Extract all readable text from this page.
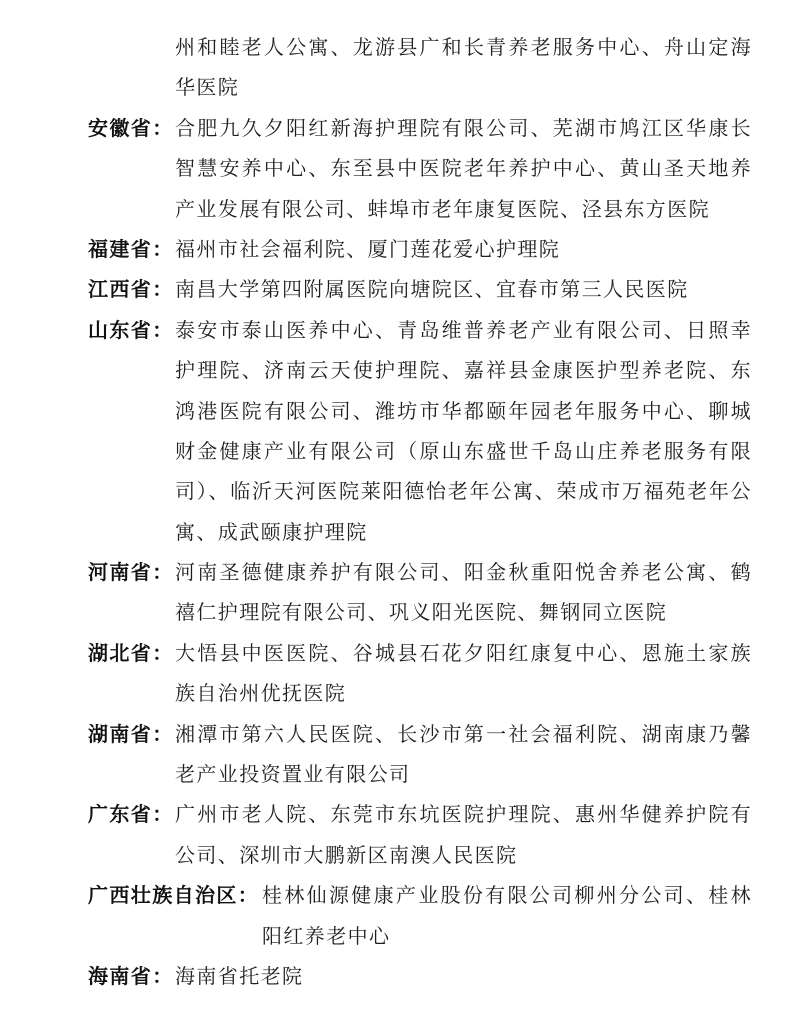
州和睦老人公寓、龙游县广和长青养老服务中心、舟山定海
华医院
安徽省： 合肥九久夕阳红新海护理院有限公司、芜湖市鸠江区华康长
智慧安养中心、东至县中医院老年养护中心、黄山圣天地养
产业发展有限公司、蚌埠市老年康复医院、泾县东方医院
福建省： 福州市社会福利院、厦门莲花爱心护理院
江西省： 南昌大学第四附属医院向塘院区、宜春市第三人民医院
山东省： 泰安市泰山医养中心、青岛维普养老产业有限公司、日照幸
护理院、济南云天使护理院、嘉祥县金康医护型养老院、东
鸿港医院有限公司、潍坊市华都颐年园老年服务中心、聊城
财金健康产业有限公司（原山东盛世千岛山庄养老服务有限
司）、临沂天河医院莱阳德怡老年公寓、荣成市万福苑老年公
寓、成武颐康护理院
河南省： 河南圣德健康养护有限公司、阳金秋重阳悦舍养老公寓、鹤
禧仁护理院有限公司、巩义阳光医院、舞钢同立医院
湖北省： 大悟县中医医院、谷城县石花夕阳红康复中心、恩施土家族
族自治州优抚医院
湖南省： 湘潭市第六人民医院、长沙市第一社会福利院、湖南康乃馨
老产业投资置业有限公司
广东省： 广州市老人院、东莞市东坑医院护理院、惠州华健养护院有
公司、深圳市大鹏新区南澳人民医院
广西壮族自治区： 桂林仙源健康产业股份有限公司柳州分公司、桂林
阳红养老中心
海南省： 海南省托老院
